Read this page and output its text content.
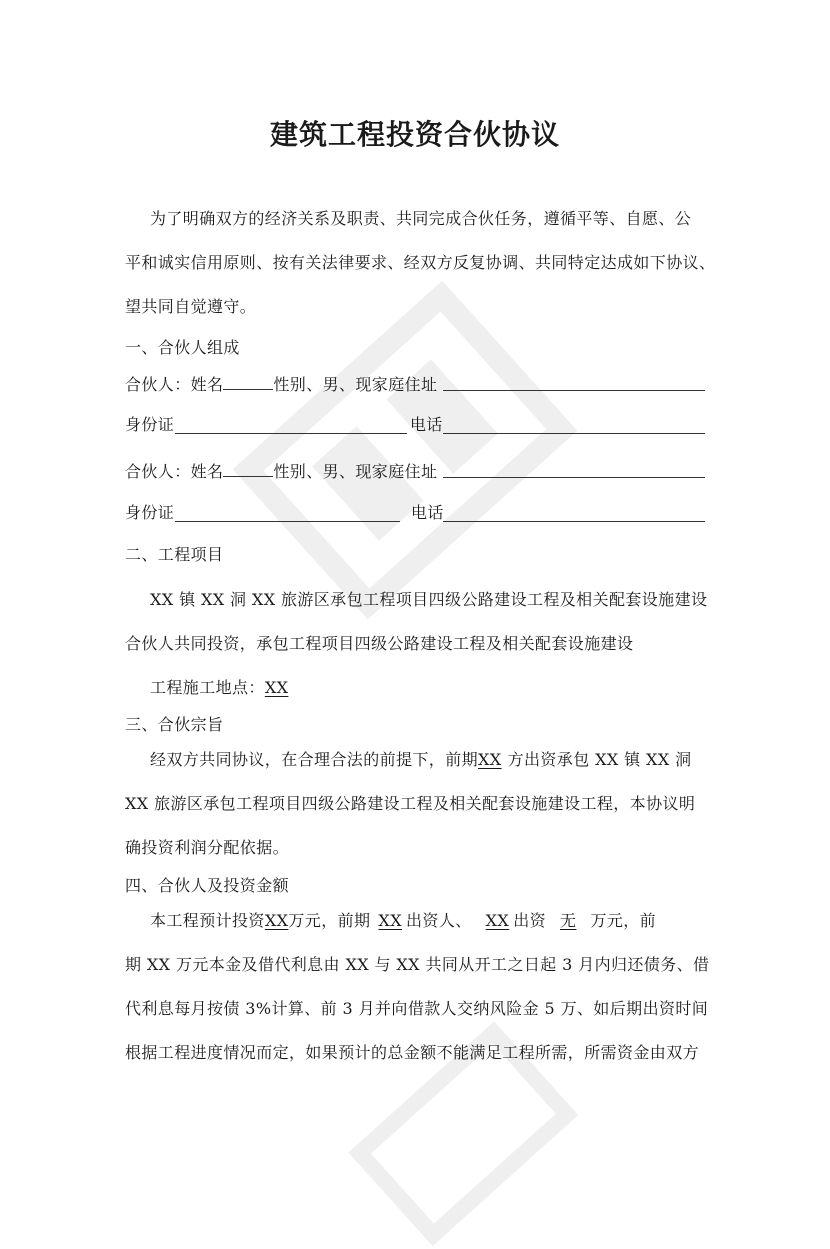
建筑工程投资合伙协议
为了明确双方的经济关系及职责、共同完成合伙任务，遵循平等、自愿、公
平和诚实信用原则、按有关法律要求、经双方反复协调、共同特定达成如下协议、
望共同自觉遵守。
一、合伙人组成
合伙人：姓名	性别、男、现家庭住址
身份证	电话
合伙人：姓名	性别、男、现家庭住址
身份证	电话
二、工程项目
XX 镇 XX 洞 XX 旅游区承包工程项目四级公路建设工程及相关配套设施建设
合伙人共同投资，承包工程项目四级公路建设工程及相关配套设施建设
工程施工地点：XX
三、合伙宗旨
经双方共同协议，在合理合法的前提下，前期XX 方出资承包 XX 镇 XX 洞
XX 旅游区承包工程项目四级公路建设工程及相关配套设施建设工程，本协议明
确投资利润分配依据。
四、合伙人及投资金额
本工程预计投资XX万元，前期 XX 出资人、 XX 出资 无 万元，前
期 XX 万元本金及借代利息由 XX 与 XX 共同从开工之日起 3 月内归还债务、借
代利息每月按债 3%计算、前 3 月并向借款人交纳风险金 5 万、如后期出资时间
根据工程进度情况而定，如果预计的总金额不能满足工程所需，所需资金由双方
